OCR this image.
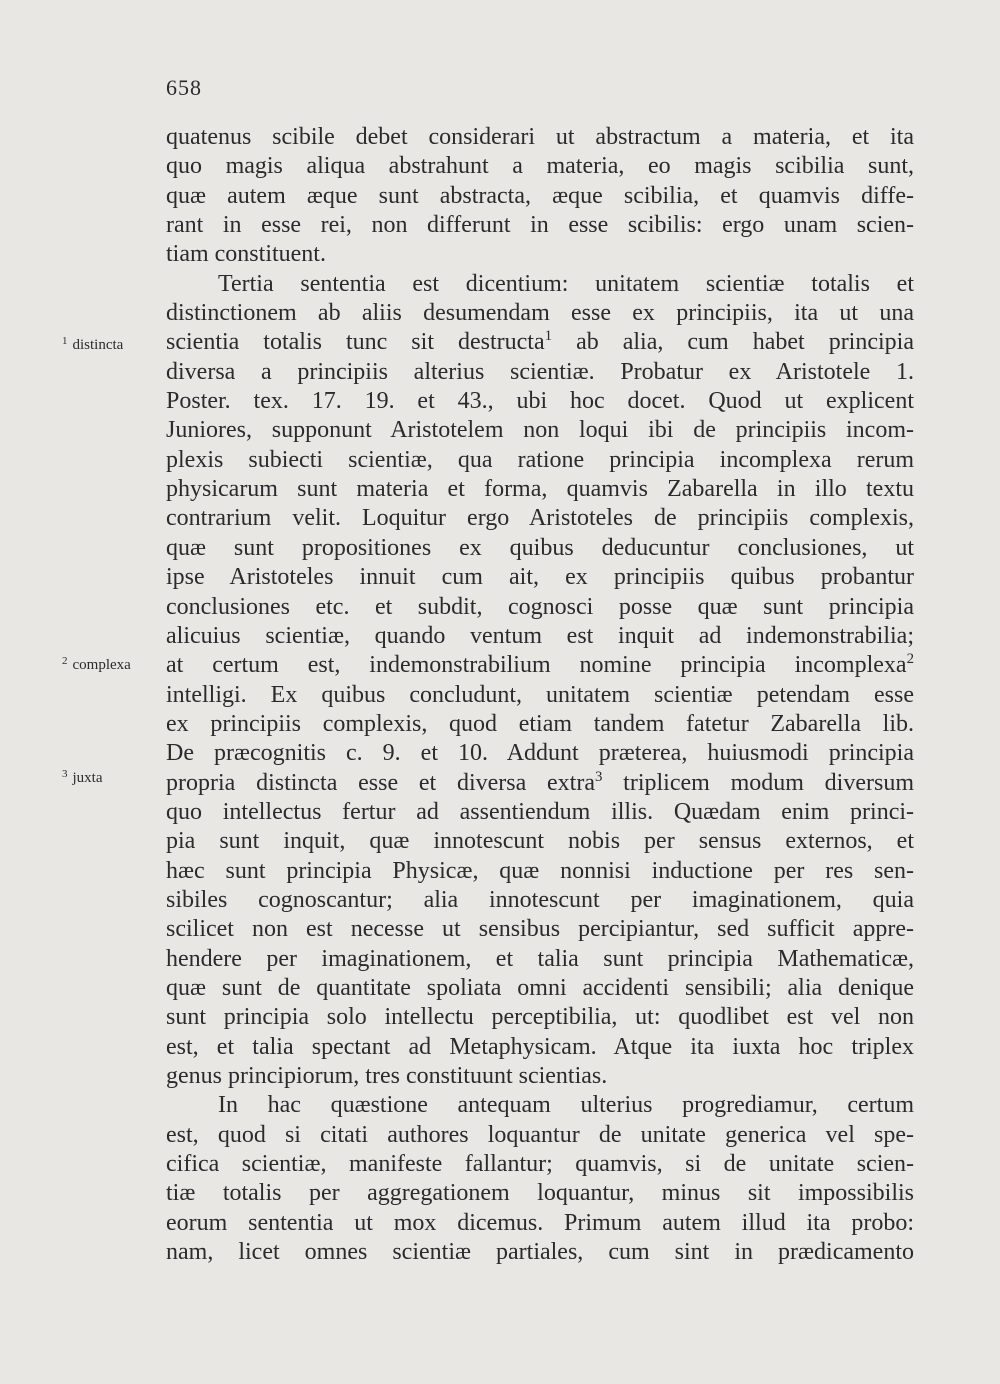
658
$^1$ distincta
$^2$ complexa
$^3$ juxta
quatenus scibile debet considerari ut abstractum a materia, et ita
quo magis aliqua abstrahunt a materia, eo magis scibilia sunt,
quæ autem æque sunt abstracta, æque scibilia, et quamvis diffe-
rant in esse rei, non differunt in esse scibilis: ergo unam scien-
tiam constituent.
Tertia sententia est dicentium: unitatem scientiæ totalis et
distinctionem ab aliis desumendam esse ex principiis, ita ut una
scientia totalis tunc sit destructa$^1$ ab alia, cum habet principia
diversa a principiis alterius scientiæ. Probatur ex Aristotele 1.
Poster. tex. 17. 19. et 43., ubi hoc docet. Quod ut explicent
Juniores, supponunt Aristotelem non loqui ibi de principiis incom-
plexis subiecti scientiæ, qua ratione principia incomplexa rerum
physicarum sunt materia et forma, quamvis Zabarella in illo textu
contrarium velit. Loquitur ergo Aristoteles de principiis complexis,
quæ sunt propositiones ex quibus deducuntur conclusiones, ut
ipse Aristoteles innuit cum ait, ex principiis quibus probantur
conclusiones etc. et subdit, cognosci posse quæ sunt principia
alicuius scientiæ, quando ventum est inquit ad indemonstrabilia;
at certum est, indemonstrabilium nomine principia incomplexa$^2$
intelligi. Ex quibus concludunt, unitatem scientiæ petendam esse
ex principiis complexis, quod etiam tandem fatetur Zabarella lib.
De præcognitis c. 9. et 10. Addunt præterea, huiusmodi principia
propria distincta esse et diversa extra$^3$ triplicem modum diversum
quo intellectus fertur ad assentiendum illis. Quædam enim princi-
pia sunt inquit, quæ innotescunt nobis per sensus externos, et
hæc sunt principia Physicæ, quæ nonnisi inductione per res sen-
sibiles cognoscantur; alia innotescunt per imaginationem, quia
scilicet non est necesse ut sensibus percipiantur, sed sufficit appre-
hendere per imaginationem, et talia sunt principia Mathematicæ,
quæ sunt de quantitate spoliata omni accidenti sensibili; alia denique
sunt principia solo intellectu perceptibilia, ut: quodlibet est vel non
est, et talia spectant ad Metaphysicam. Atque ita iuxta hoc triplex
genus principiorum, tres constituunt scientias.
In hac quæstione antequam ulterius progrediamur, certum
est, quod si citati authores loquantur de unitate generica vel spe-
cifica scientiæ, manifeste fallantur; quamvis, si de unitate scien-
tiæ totalis per aggregationem loquantur, minus sit impossibilis
eorum sententia ut mox dicemus. Primum autem illud ita probo:
nam, licet omnes scientiæ partiales, cum sint in prædicamento
